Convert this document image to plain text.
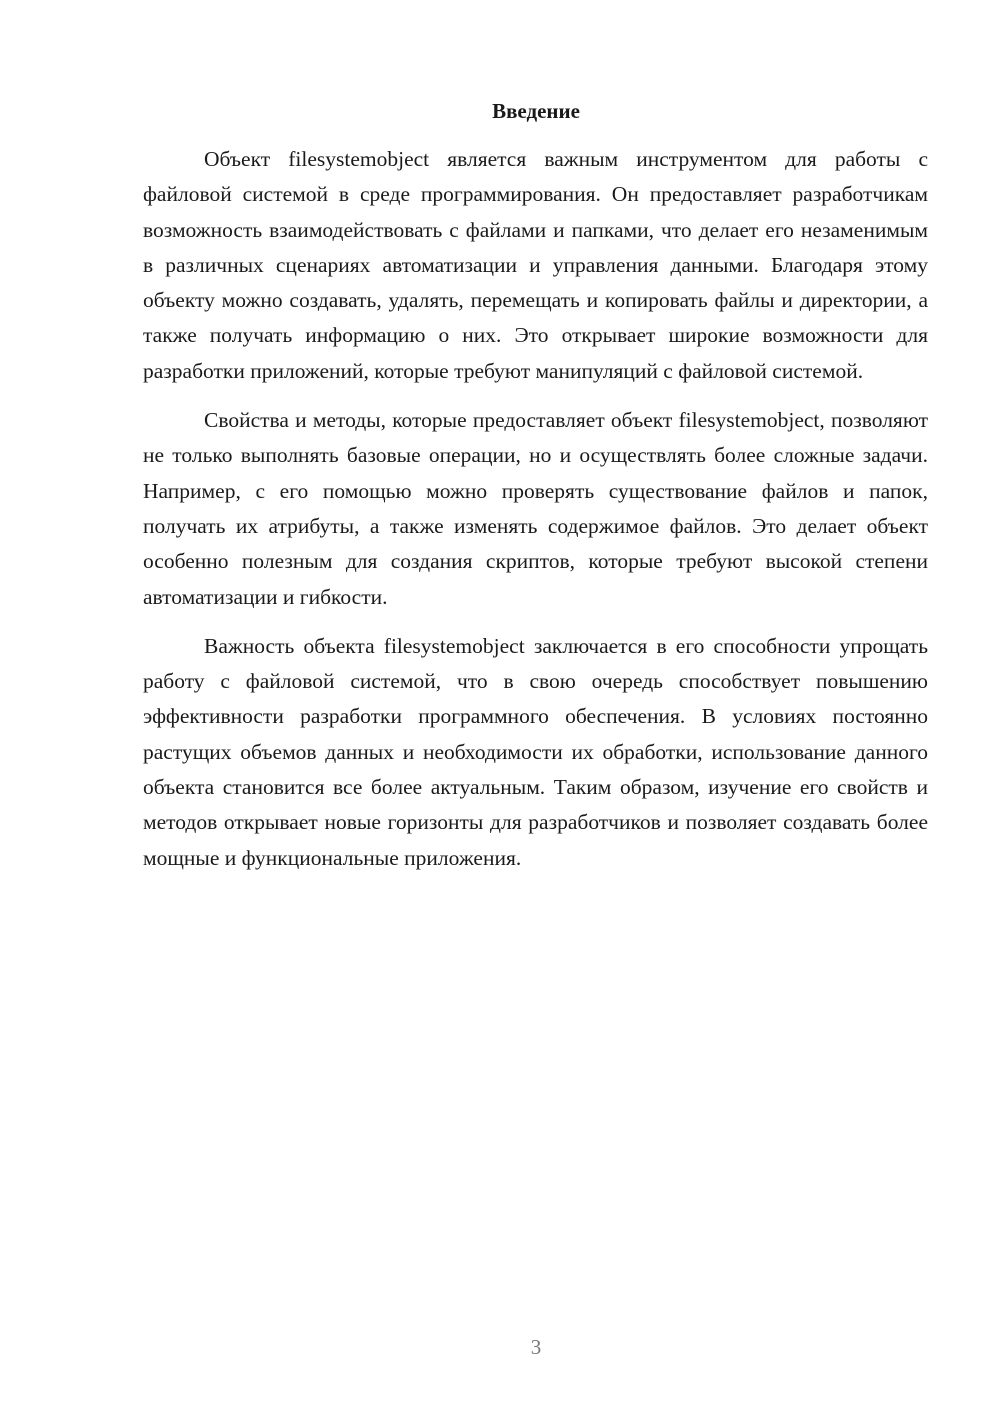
Введение

Объект filesystemobject является важным инструментом для работы с файловой системой в среде программирования. Он предоставляет разработчикам возможность взаимодействовать с файлами и папками, что делает его незаменимым в различных сценариях автоматизации и управления данными. Благодаря этому объекту можно создавать, удалять, перемещать и копировать файлы и директории, а также получать информацию о них. Это открывает широкие возможности для разработки приложений, которые требуют манипуляций с файловой системой.

Свойства и методы, которые предоставляет объект filesystemobject, позволяют не только выполнять базовые операции, но и осуществлять более сложные задачи. Например, с его помощью можно проверять существование файлов и папок, получать их атрибуты, а также изменять содержимое файлов. Это делает объект особенно полезным для создания скриптов, которые требуют высокой степени автоматизации и гибкости.

Важность объекта filesystemobject заключается в его способности упрощать работу с файловой системой, что в свою очередь способствует повышению эффективности разработки программного обеспечения. В условиях постоянно растущих объемов данных и необходимости их обработки, использование данного объекта становится все более актуальным. Таким образом, изучение его свойств и методов открывает новые горизонты для разработчиков и позволяет создавать более мощные и функциональные приложения.

3
